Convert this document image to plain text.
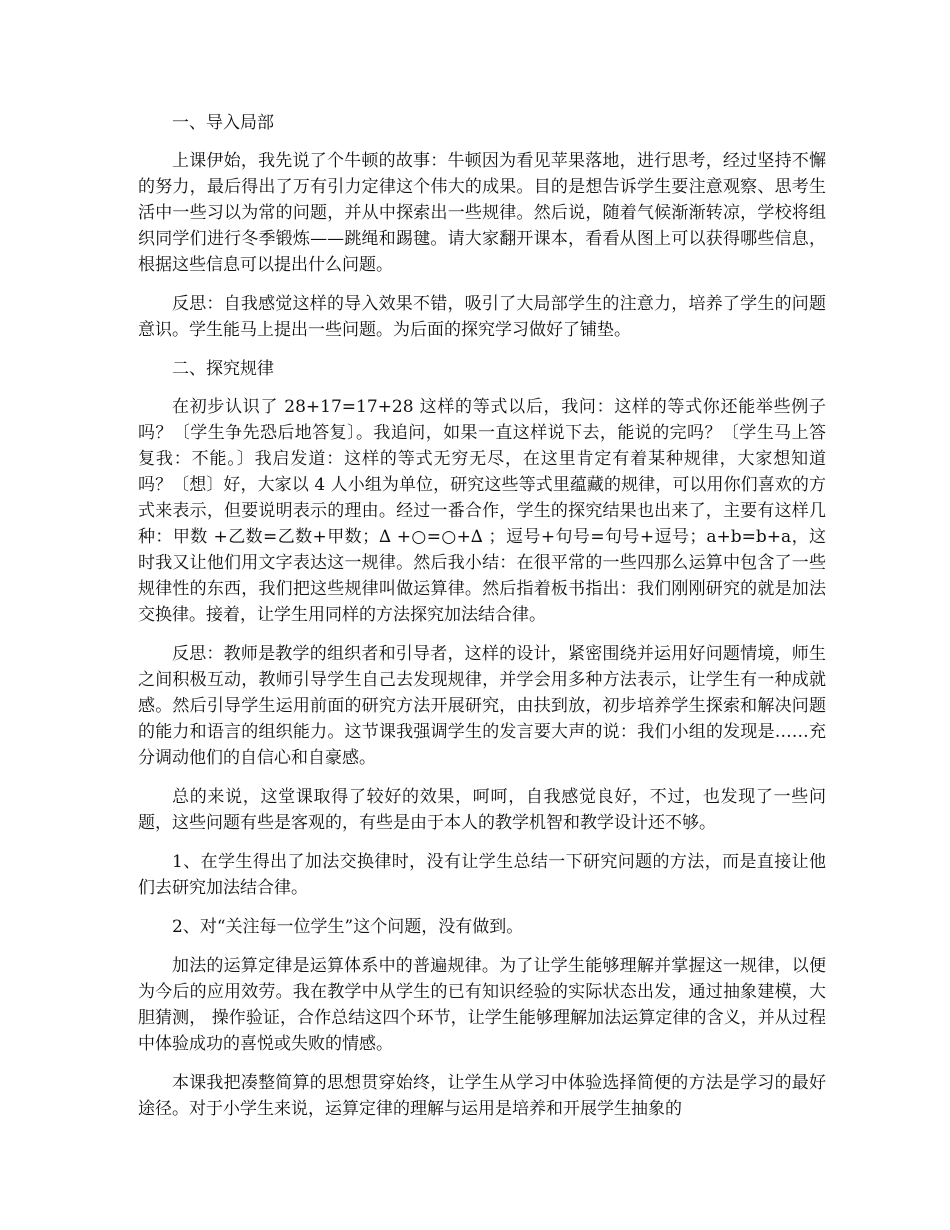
一、导入局部

上课伊始，我先说了个牛顿的故事：牛顿因为看见苹果落地，进行思考，经过坚持不懈的努力，最后得出了万有引力定律这个伟大的成果。目的是想告诉学生要注意观察、思考生活中一些习以为常的问题，并从中探索出一些规律。然后说，随着气候渐渐转凉，学校将组织同学们进行冬季锻炼——跳绳和踢毽。请大家翻开课本，看看从图上可以获得哪些信息，根据这些信息可以提出什么问题。

反思：自我感觉这样的导入效果不错，吸引了大局部学生的注意力，培养了学生的问题意识。学生能马上提出一些问题。为后面的探究学习做好了铺垫。

二、探究规律

在初步认识了 28+17=17+28 这样的等式以后，我问：这样的等式你还能举些例子吗？〔学生争先恐后地答复〕。我追问，如果一直这样说下去，能说的完吗？〔学生马上答复我：不能。〕我启发道：这样的等式无穷无尽，在这里肯定有着某种规律，大家想知道吗？〔想〕好，大家以 4 人小组为单位，研究这些等式里蕴藏的规律，可以用你们喜欢的方式来表示，但要说明表示的理由。经过一番合作，学生的探究结果也出来了，主要有这样几种：甲数 +乙数=乙数+甲数；∆ +○=○+∆ ；逗号+句号=句号+逗号；a+b=b+a，这时我又让他们用文字表达这一规律。然后我小结：在很平常的一些四那么运算中包含了一些规律性的东西，我们把这些规律叫做运算律。然后指着板书指出：我们刚刚研究的就是加法交换律。接着，让学生用同样的方法探究加法结合律。

反思：教师是教学的组织者和引导者，这样的设计，紧密围绕并运用好问题情境，师生之间积极互动，教师引导学生自己去发现规律，并学会用多种方法表示，让学生有一种成就感。然后引导学生运用前面的研究方法开展研究，由扶到放，初步培养学生探索和解决问题的能力和语言的组织能力。这节课我强调学生的发言要大声的说：我们小组的发现是……充分调动他们的自信心和自豪感。

总的来说，这堂课取得了较好的效果，呵呵，自我感觉良好，不过，也发现了一些问题，这些问题有些是客观的，有些是由于本人的教学机智和教学设计还不够。

1、在学生得出了加法交换律时，没有让学生总结一下研究问题的方法，而是直接让他们去研究加法结合律。

2、对“关注每一位学生”这个问题，没有做到。

加法的运算定律是运算体系中的普遍规律。为了让学生能够理解并掌握这一规律，以便为今后的应用效劳。我在教学中从学生的已有知识经验的实际状态出发，通过抽象建模，大胆猜测， 操作验证，合作总结这四个环节，让学生能够理解加法运算定律的含义，并从过程中体验成功的喜悦或失败的情感。

本课我把凑整简算的思想贯穿始终，让学生从学习中体验选择简便的方法是学习的最好途径。对于小学生来说，运算定律的理解与运用是培养和开展学生抽象的
